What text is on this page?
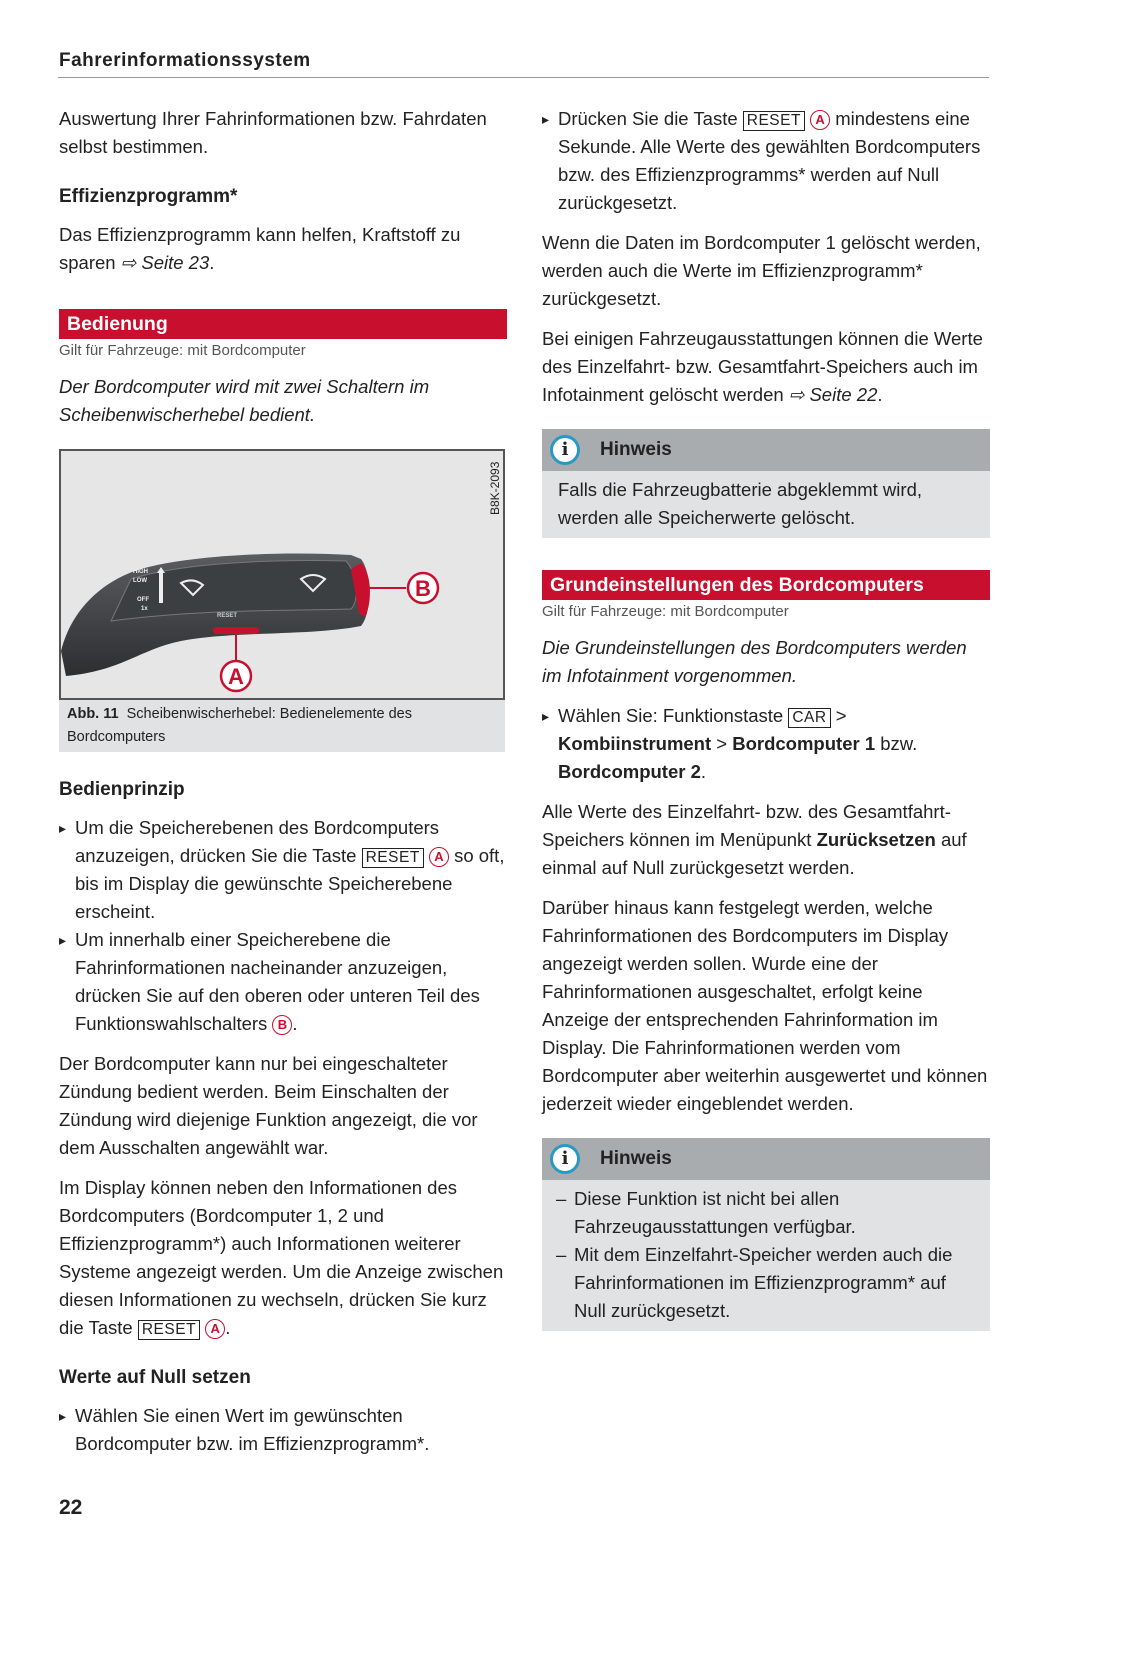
Fahrerinformationssystem
Auswertung Ihrer Fahrinformationen bzw. Fahrdaten selbst bestimmen.
Effizienzprogramm*
Das Effizienzprogramm kann helfen, Kraftstoff zu sparen ⇨ Seite 23.
Bedienung
Gilt für Fahrzeuge: mit Bordcomputer
Der Bordcomputer wird mit zwei Schaltern im Scheibenwischerhebel bedient.
HIGH
LOW
OFF
1x
RESET
B
A
B8K-2093
Abb. 11 Scheibenwischerhebel: Bedienelemente des Bordcomputers
Bedienprinzip
▸ Um die Speicherebenen des Bordcomputers anzuzeigen, drücken Sie die Taste RESET A so oft, bis im Display die gewünschte Speicherebene erscheint.
▸ Um innerhalb einer Speicherebene die Fahrinformationen nacheinander anzuzeigen, drücken Sie auf den oberen oder unteren Teil des Funktionswahlschalters B .
Der Bordcomputer kann nur bei eingeschalteter Zündung bedient werden. Beim Einschalten der Zündung wird diejenige Funktion angezeigt, die vor dem Ausschalten angewählt war.
Im Display können neben den Informationen des Bordcomputers (Bordcomputer 1, 2 und Effizienzprogramm*) auch Informationen weiterer Systeme angezeigt werden. Um die Anzeige zwischen diesen Informationen zu wechseln, drücken Sie kurz die Taste RESET A .
Werte auf Null setzen
▸ Wählen Sie einen Wert im gewünschten Bordcomputer bzw. im Effizienzprogramm*.
22
▸ Drücken Sie die Taste RESET A mindestens eine Sekunde. Alle Werte des gewählten Bordcomputers bzw. des Effizienzprogramms* werden auf Null zurückgesetzt.
Wenn die Daten im Bordcomputer 1 gelöscht werden, werden auch die Werte im Effizienzprogramm* zurückgesetzt.
Bei einigen Fahrzeugausstattungen können die Werte des Einzelfahrt- bzw. Gesamtfahrt-Speichers auch im Infotainment gelöscht werden ⇨ Seite 22.
i	Hinweis
Falls die Fahrzeugbatterie abgeklemmt wird, werden alle Speicherwerte gelöscht.
Grundeinstellungen des Bordcomputers
Gilt für Fahrzeuge: mit Bordcomputer
Die Grundeinstellungen des Bordcomputers werden im Infotainment vorgenommen.
▸ Wählen Sie: Funktionstaste CAR > Kombiinstrument > Bordcomputer 1 bzw. Bordcomputer 2.
Alle Werte des Einzelfahrt- bzw. des Gesamtfahrt-Speichers können im Menüpunkt Zurücksetzen auf einmal auf Null zurückgesetzt werden.
Darüber hinaus kann festgelegt werden, welche Fahrinformationen des Bordcomputers im Display angezeigt werden sollen. Wurde eine der Fahrinformationen ausgeschaltet, erfolgt keine Anzeige der entsprechenden Fahrinformation im Display. Die Fahrinformationen werden vom Bordcomputer aber weiterhin ausgewertet und können jederzeit wieder eingeblendet werden.
i	Hinweis
– Diese Funktion ist nicht bei allen Fahrzeugausstattungen verfügbar.
– Mit dem Einzelfahrt-Speicher werden auch die Fahrinformationen im Effizienzprogramm* auf Null zurückgesetzt.
